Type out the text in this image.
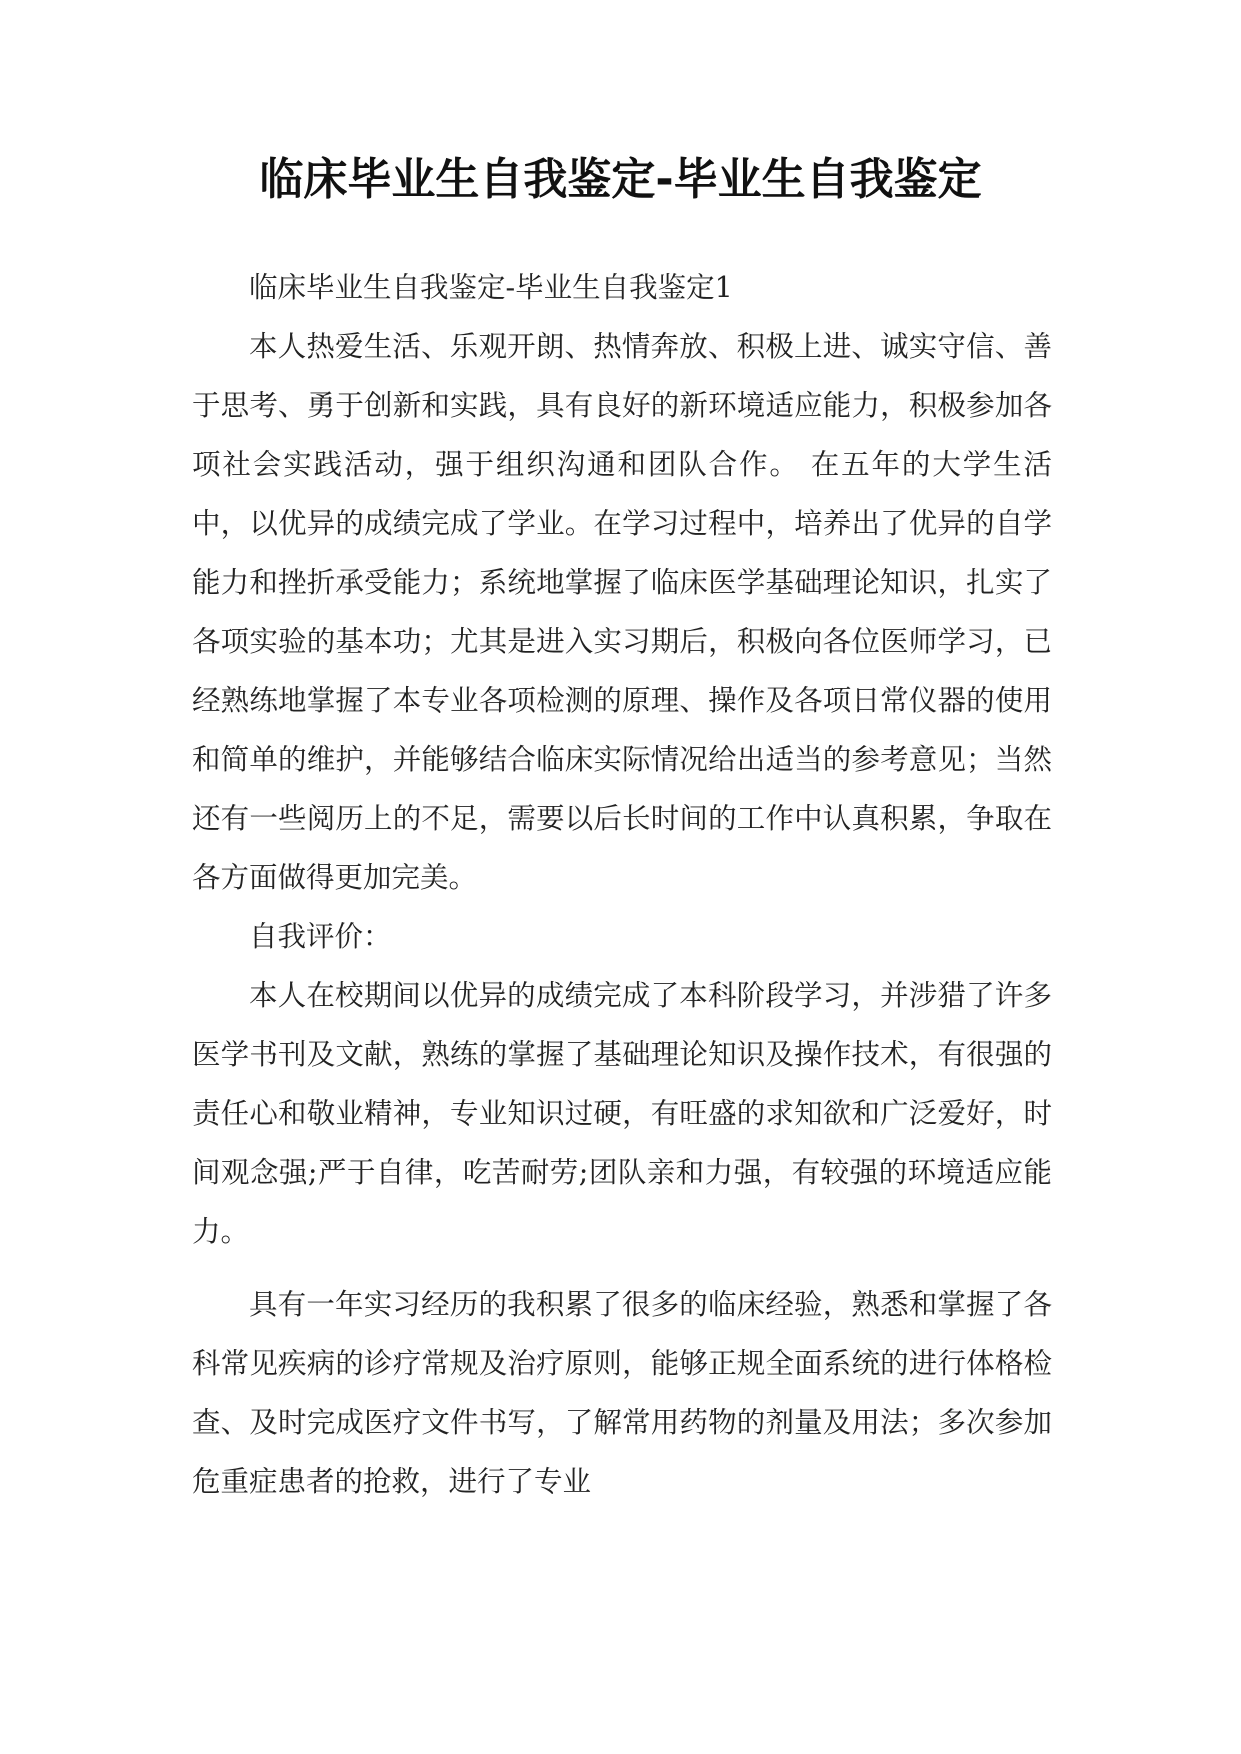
临床毕业生自我鉴定-毕业生自我鉴定

临床毕业生自我鉴定-毕业生自我鉴定1

本人热爱生活、乐观开朗、热情奔放、积极上进、诚实守信、善于思考、勇于创新和实践，具有良好的新环境适应能力，积极参加各项社会实践活动，强于组织沟通和团队合作。 在五年的大学生活中，以优异的成绩完成了学业。在学习过程中，培养出了优异的自学能力和挫折承受能力；系统地掌握了临床医学基础理论知识，扎实了各项实验的基本功；尤其是进入实习期后，积极向各位医师学习，已经熟练地掌握了本专业各项检测的原理、操作及各项日常仪器的使用和简单的维护，并能够结合临床实际情况给出适当的参考意见；当然还有一些阅历上的不足，需要以后长时间的工作中认真积累，争取在各方面做得更加完美。

自我评价：

本人在校期间以优异的成绩完成了本科阶段学习，并涉猎了许多医学书刊及文献，熟练的掌握了基础理论知识及操作技术，有很强的责任心和敬业精神，专业知识过硬，有旺盛的求知欲和广泛爱好，时间观念强;严于自律，吃苦耐劳;团队亲和力强，有较强的环境适应能力。

具有一年实习经历的我积累了很多的临床经验，熟悉和掌握了各科常见疾病的诊疗常规及治疗原则，能够正规全面系统的进行体格检查、及时完成医疗文件书写，了解常用药物的剂量及用法；多次参加危重症患者的抢救，进行了专业
